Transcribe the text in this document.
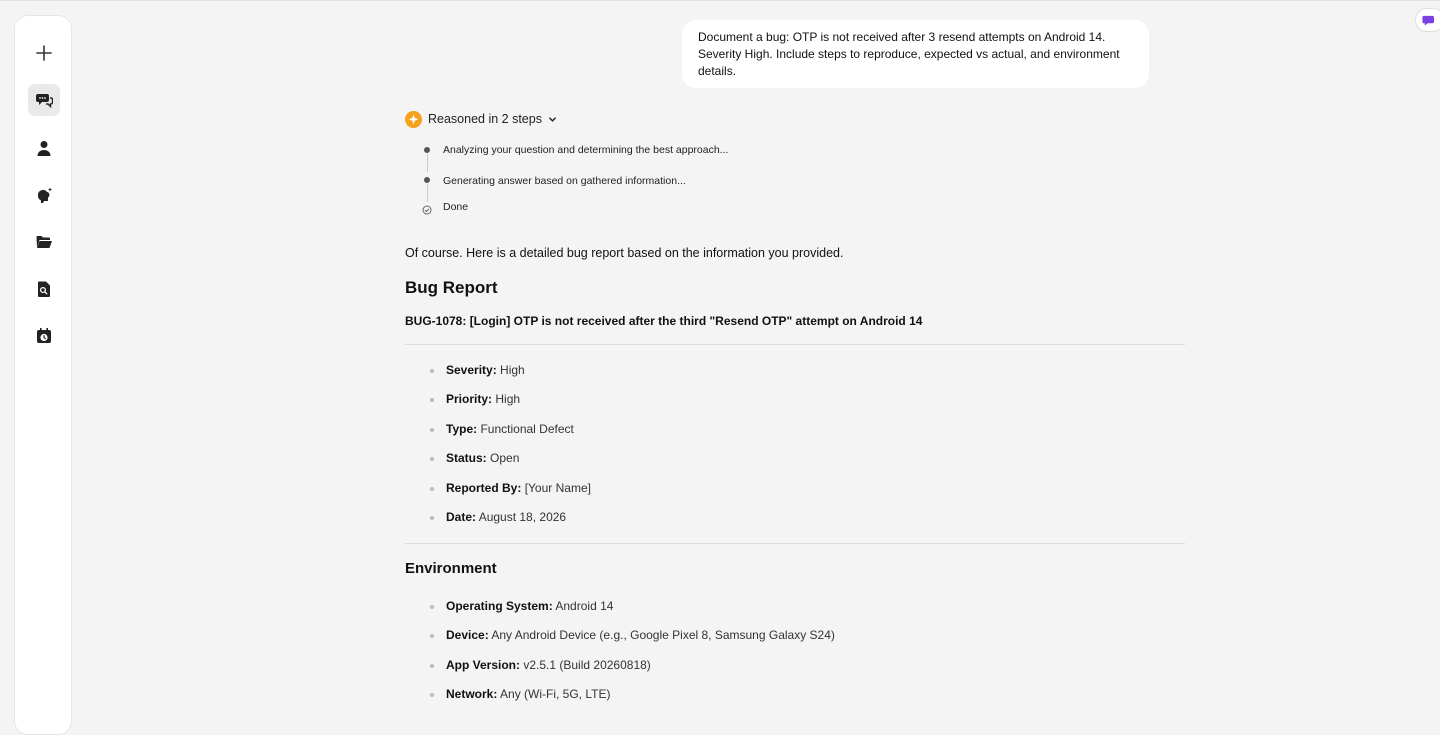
Document a bug: OTP is not received after 3 resend attempts on Android 14. Severity High. Include steps to reproduce, expected vs actual, and environment details.
Reasoned in 2 steps
Analyzing your question and determining the best approach...
Generating answer based on gathered information...
Done
Of course. Here is a detailed bug report based on the information you provided.
Bug Report
BUG-1078: [Login] OTP is not received after the third "Resend OTP" attempt on Android 14
Severity: High
Priority: High
Type: Functional Defect
Status: Open
Reported By: [Your Name]
Date: August 18, 2026
Environment
Operating System: Android 14
Device: Any Android Device (e.g., Google Pixel 8, Samsung Galaxy S24)
App Version: v2.5.1 (Build 20260818)
Network: Any (Wi-Fi, 5G, LTE)
